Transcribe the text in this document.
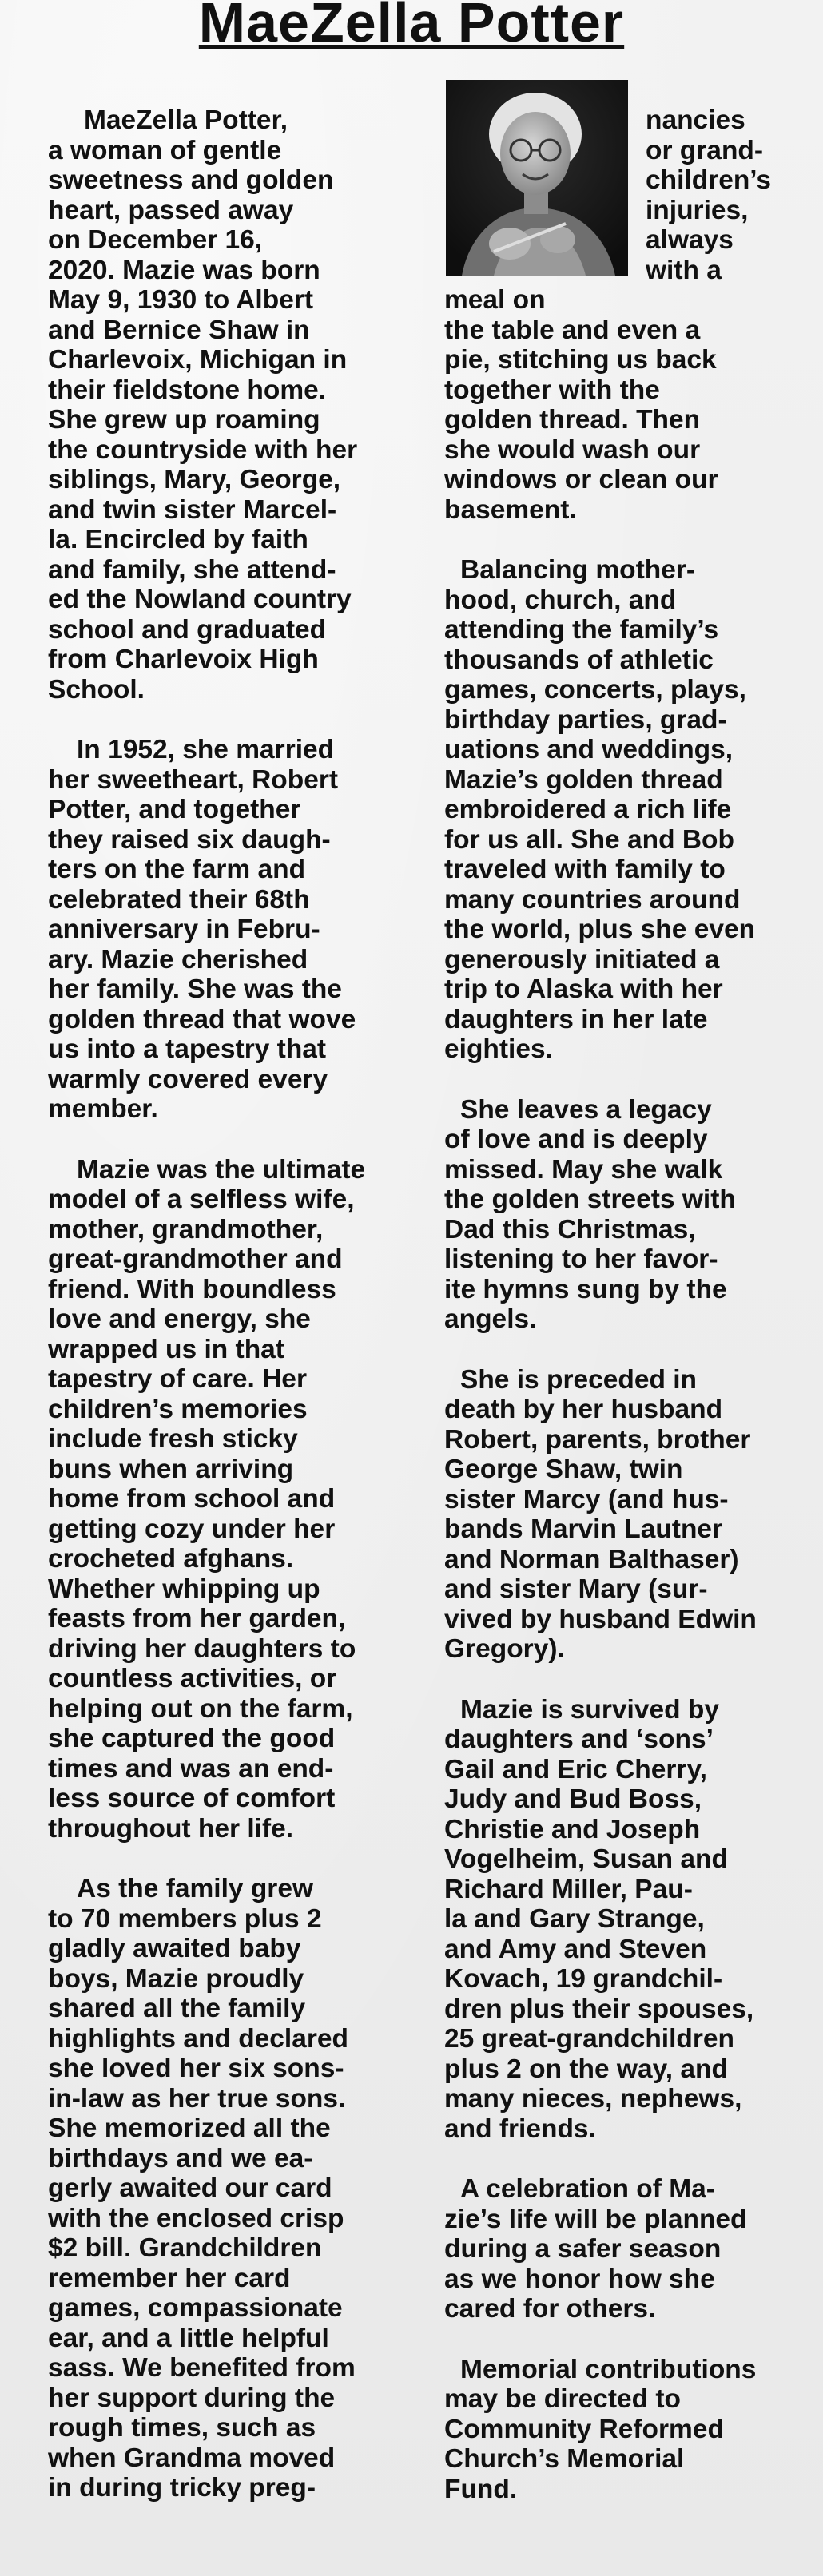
MaeZella Potter

MaeZella Potter,
a woman of gentle
sweetness and golden
heart, passed away
on December 16,
2020. Mazie was born
May 9, 1930 to Albert
and Bernice Shaw in
Charlevoix, Michigan in
their fieldstone home.
She grew up roaming
the countryside with her
siblings, Mary, George,
and twin sister Marcel-
la. Encircled by faith
and family, she attend-
ed the Nowland country
school and graduated
from Charlevoix High
School.

In 1952, she married
her sweetheart, Robert
Potter, and together
they raised six daugh-
ters on the farm and
celebrated their 68th
anniversary in Febru-
ary. Mazie cherished
her family. She was the
golden thread that wove
us into a tapestry that
warmly covered every
member.

Mazie was the ultimate
model of a selfless wife,
mother, grandmother,
great-grandmother and
friend. With boundless
love and energy, she
wrapped us in that
tapestry of care. Her
children’s memories
include fresh sticky
buns when arriving
home from school and
getting cozy under her
crocheted afghans.
Whether whipping up
feasts from her garden,
driving her daughters to
countless activities, or
helping out on the farm,
she captured the good
times and was an end-
less source of comfort
throughout her life.

As the family grew
to 70 members plus 2
gladly awaited baby
boys, Mazie proudly
shared all the family
highlights and declared
she loved her six sons-
in-law as her true sons.
She memorized all the
birthdays and we ea-
gerly awaited our card
with the enclosed crisp
$2 bill. Grandchildren
remember her card
games, compassionate
ear, and a little helpful
sass. We benefited from
her support during the
rough times, such as
when Grandma moved
in during tricky preg-

nancies
or grand-
children’s
injuries,
always
with a
meal on
the table and even a
pie, stitching us back
together with the
golden thread. Then
she would wash our
windows or clean our
basement.

Balancing mother-
hood, church, and
attending the family’s
thousands of athletic
games, concerts, plays,
birthday parties, grad-
uations and weddings,
Mazie’s golden thread
embroidered a rich life
for us all. She and Bob
traveled with family to
many countries around
the world, plus she even
generously initiated a
trip to Alaska with her
daughters in her late
eighties.

She leaves a legacy
of love and is deeply
missed. May she walk
the golden streets with
Dad this Christmas,
listening to her favor-
ite hymns sung by the
angels.

She is preceded in
death by her husband
Robert, parents, brother
George Shaw, twin
sister Marcy (and hus-
bands Marvin Lautner
and Norman Balthaser)
and sister Mary (sur-
vived by husband Edwin
Gregory).

Mazie is survived by
daughters and ‘sons’
Gail and Eric Cherry,
Judy and Bud Boss,
Christie and Joseph
Vogelheim, Susan and
Richard Miller, Pau-
la and Gary Strange,
and Amy and Steven
Kovach, 19 grandchil-
dren plus their spouses,
25 great-grandchildren
plus 2 on the way, and
many nieces, nephews,
and friends.

A celebration of Ma-
zie’s life will be planned
during a safer season
as we honor how she
cared for others.

Memorial contributions
may be directed to
Community Reformed
Church’s Memorial
Fund.
